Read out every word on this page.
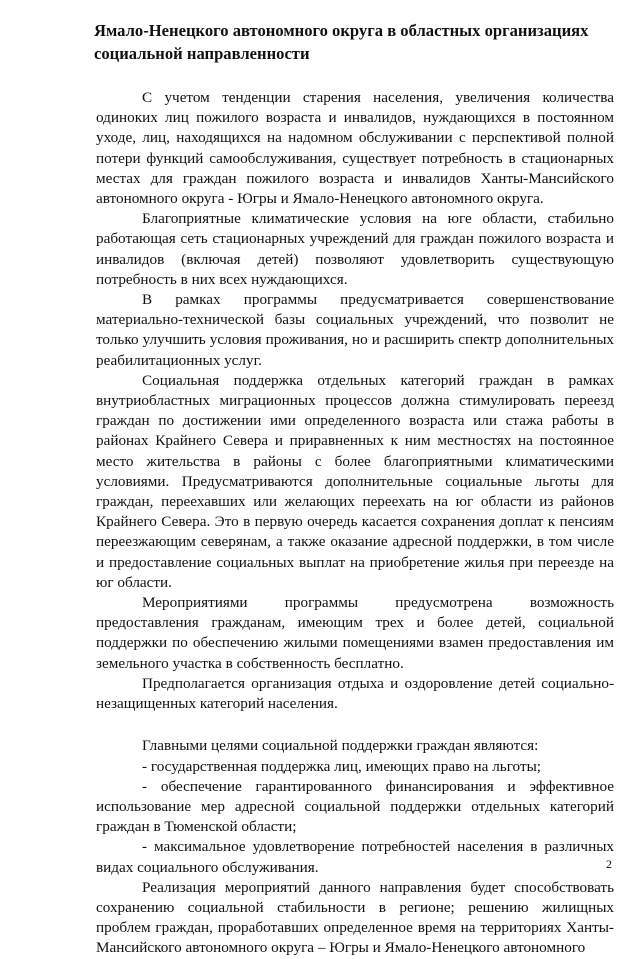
Ямало-Ненецкого автономного округа в областных организациях социальной направленности

С учетом тенденции старения населения, увеличения количества одиноких лиц пожилого возраста и инвалидов, нуждающихся в постоянном уходе, лиц, находящихся на надомном обслуживании с перспективой полной потери функций самообслуживания, существует потребность в стационарных местах для граждан пожилого возраста и инвалидов Ханты-Мансийского автономного округа - Югры и Ямало-Ненецкого автономного округа.

Благоприятные климатические условия на юге области, стабильно работающая сеть стационарных учреждений для граждан пожилого возраста и инвалидов (включая детей) позволяют удовлетворить существующую потребность в них всех нуждающихся.

В рамках программы предусматривается совершенствование материально-технической базы социальных учреждений, что позволит не только улучшить условия проживания, но и расширить спектр дополнительных реабилитационных услуг.

Социальная поддержка отдельных категорий граждан в рамках внутриобластных миграционных процессов должна стимулировать переезд граждан по достижении ими определенного возраста или стажа работы в районах Крайнего Севера и приравненных к ним местностях на постоянное место жительства в районы с более благоприятными климатическими условиями. Предусматриваются дополнительные социальные льготы для граждан, переехавших или желающих переехать на юг области из районов Крайнего Севера. Это в первую очередь касается сохранения доплат к пенсиям переезжающим северянам, а также оказание адресной поддержки, в том числе и предоставление социальных выплат на приобретение жилья при переезде на юг области.

Мероприятиями программы предусмотрена возможность предоставления гражданам, имеющим трех и более детей, социальной поддержки по обеспечению жилыми помещениями взамен предоставления им земельного участка в собственность бесплатно.

Предполагается организация отдыха и оздоровление детей социально-незащищенных категорий населения.

Главными целями социальной поддержки граждан являются:

- государственная поддержка лиц, имеющих право на льготы;

- обеспечение гарантированного финансирования и эффективное использование мер адресной социальной поддержки отдельных категорий граждан в Тюменской области;

- максимальное удовлетворение потребностей населения в различных видах социального обслуживания.

Реализация мероприятий данного направления будет способствовать сохранению социальной стабильности в регионе; решению жилищных проблем граждан, проработавших определенное время на территориях Ханты-Мансийского автономного округа – Югры и Ямало-Ненецкого автономного

2
